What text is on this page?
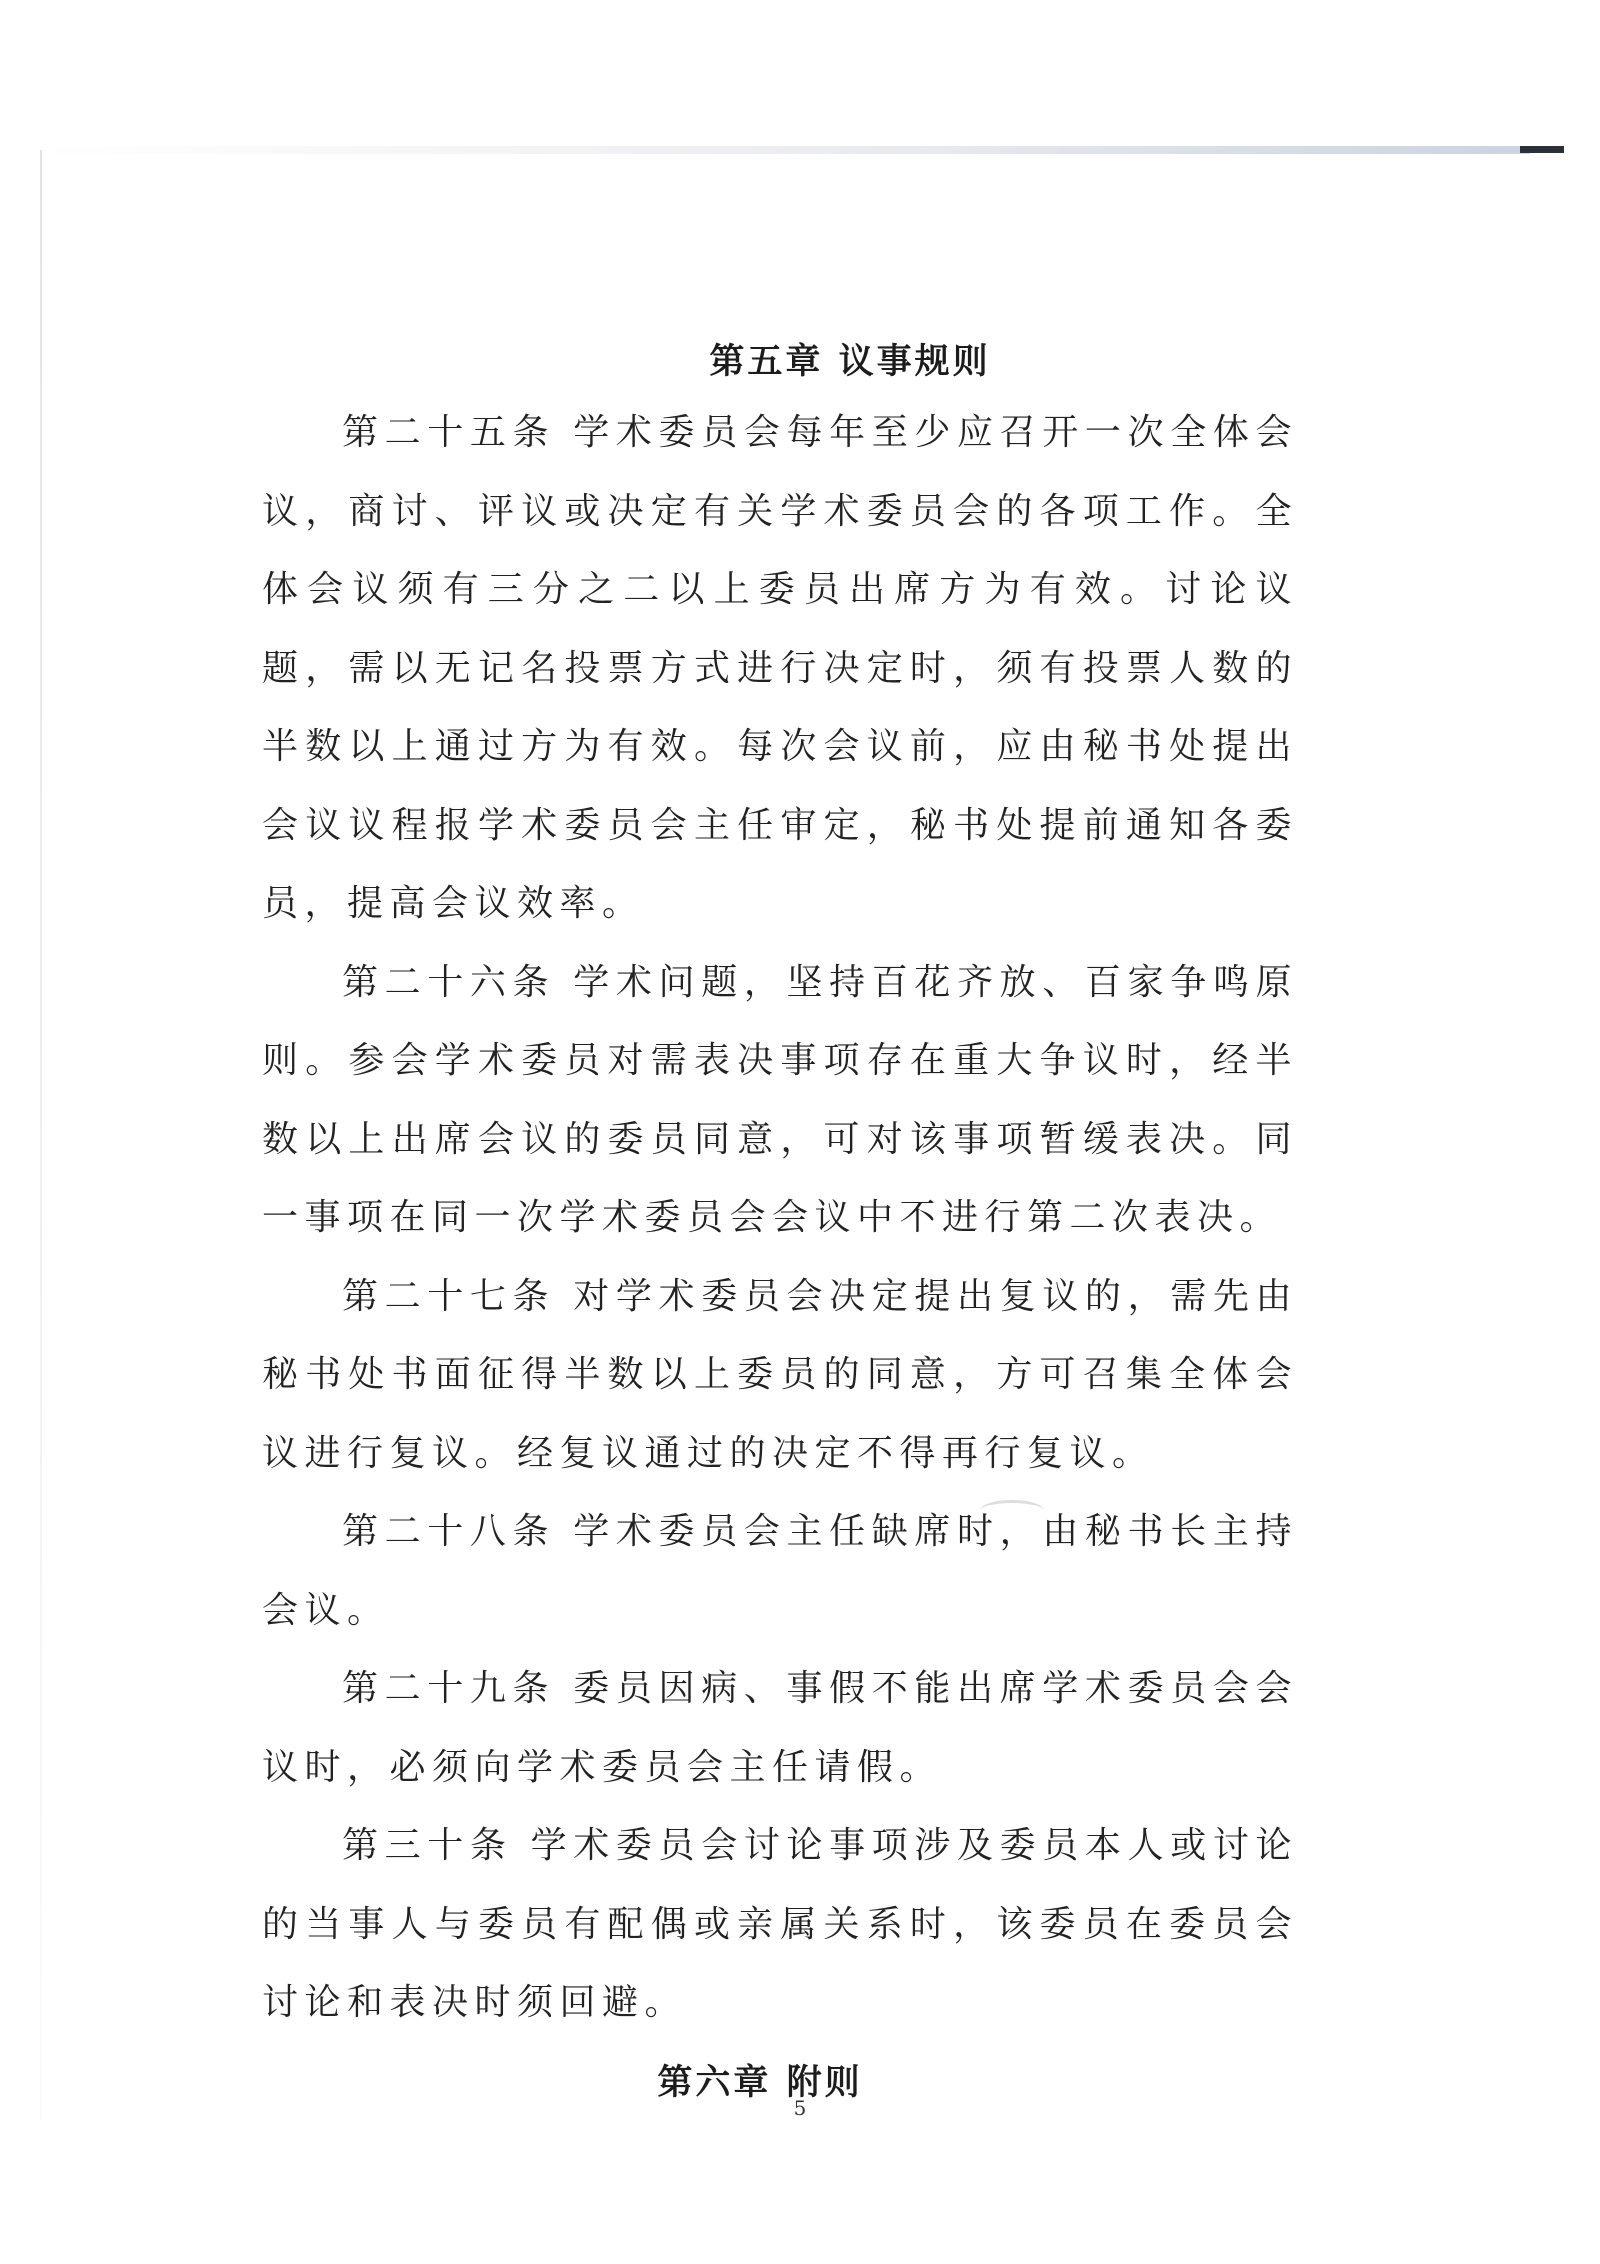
第五章 议事规则

第二十五条 学术委员会每年至少应召开一次全体会议，商讨、评议或决定有关学术委员会的各项工作。全体会议须有三分之二以上委员出席方为有效。讨论议题，需以无记名投票方式进行决定时，须有投票人数的半数以上通过方为有效。每次会议前，应由秘书处提出会议议程报学术委员会主任审定，秘书处提前通知各委员，提高会议效率。

第二十六条 学术问题，坚持百花齐放、百家争鸣原则。参会学术委员对需表决事项存在重大争议时，经半数以上出席会议的委员同意，可对该事项暂缓表决。同一事项在同一次学术委员会会议中不进行第二次表决。

第二十七条 对学术委员会决定提出复议的，需先由秘书处书面征得半数以上委员的同意，方可召集全体会议进行复议。经复议通过的决定不得再行复议。

第二十八条 学术委员会主任缺席时，由秘书长主持会议。

第二十九条 委员因病、事假不能出席学术委员会会议时，必须向学术委员会主任请假。

第三十条 学术委员会讨论事项涉及委员本人或讨论的当事人与委员有配偶或亲属关系时，该委员在委员会讨论和表决时须回避。

第六章 附则
5
